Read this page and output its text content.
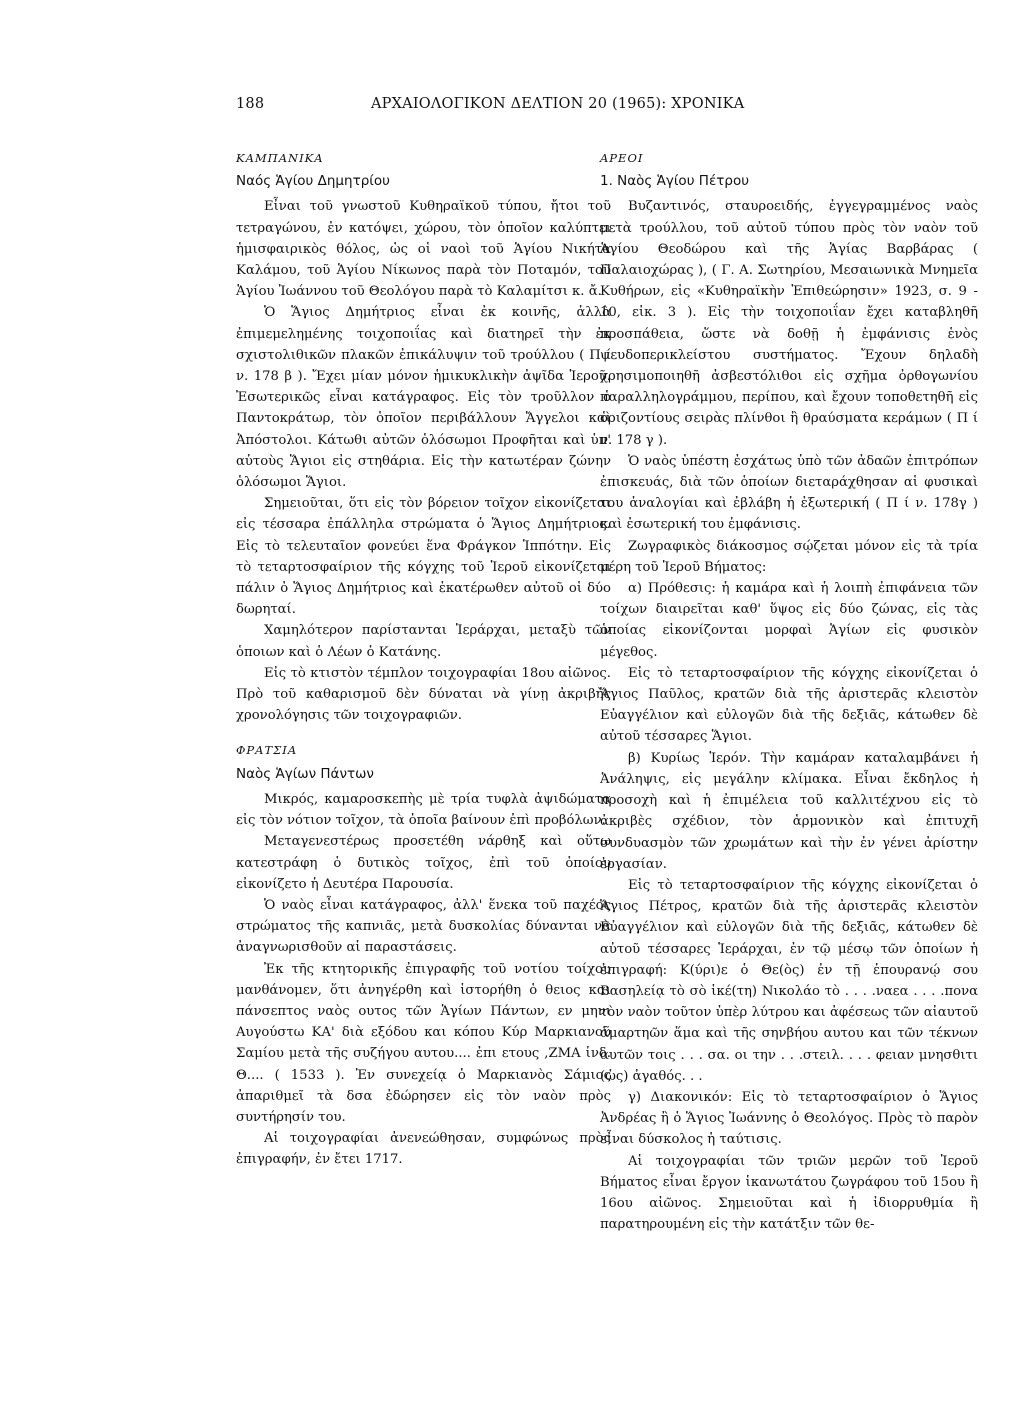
188	ΑΡΧΑΙΟΛΟΓΙΚΟΝ ΔΕΛΤΙΟΝ 20 (1965): ΧΡΟΝΙΚΑ
ΚΑΜΠΑΝΙΚΑ
Ναός Ἁγίου Δημητρίου

Εἶναι τοῦ γνωστοῦ Κυθηραϊκοῦ τύπου, ἤτοι τοῦ τετραγώνου, ἐν κατόψει, χώρου, τὸν ὁποῖον καλύπτει ἡμισφαιρικὸς θόλος, ὡς οἱ ναοὶ τοῦ Ἁγίου Νικήτα Καλάμου, τοῦ Ἁγίου Νίκωνος παρὰ τὸν Ποταμόν, τοῦ Ἁγίου Ἰωάννου τοῦ Θεολόγου παρὰ τὸ Καλαμίτσι κ. ἄ.

Ὁ Ἅγιος Δημήτριος εἶναι ἐκ κοινῆς, ἀλλὰ ἐπιμεμελημένης τοιχοποιΐας καὶ διατηρεῖ τὴν ἐκ σχιστολιθικῶν πλακῶν ἐπικάλυψιν τοῦ τρούλλου ( Π ί ν. 178 β ). Ἔχει μίαν μόνον ἡμικυκλικὴν ἀψῖδα Ἱεροῦ. Ἐσωτερικῶς εἶναι κατάγραφος. Εἰς τὸν τροῦλλον ὁ Παντοκράτωρ, τὸν ὁποῖον περιβάλλουν Ἄγγελοι καὶ Ἀπόστολοι. Κάτωθι αὐτῶν ὁλόσωμοι Προφῆται καὶ ὑπ' αὐτοὺς Ἅγιοι εἰς στηθάρια. Εἰς τὴν κατωτέραν ζώνην ὁλόσωμοι Ἅγιοι.

Σημειοῦται, ὅτι εἰς τὸν βόρειον τοῖχον εἰκονίζεται εἰς τέσσαρα ἐπάλληλα στρώματα ὁ Ἅγιος Δημήτριος. Εἰς τὸ τελευταῖον φονεύει ἕνα Φράγκον Ἱππότην. Εἰς τὸ τεταρτοσφαίριον τῆς κόγχης τοῦ Ἱεροῦ εἰκονίζεται πάλιν ὁ Ἅγιος Δημήτριος καὶ ἑκατέρωθεν αὐτοῦ οἱ δύο δωρηταί.

Χαμηλότερον παρίστανται Ἱεράρχαι, μεταξὺ τῶν ὁποιων καὶ ὁ Λέων ὁ Κατάνης.

Εἰς τὸ κτιστὸν τέμπλον τοιχογραφίαι 18ου αἰῶνος. Πρὸ τοῦ καθαρισμοῦ δὲν δύναται νὰ γίνῃ ἀκριβὴς χρονολόγησις τῶν τοιχογραφιῶν.

ΦΡΑΤΣΙΑ
Ναὸς Ἁγίων Πάντων

Μικρός, καμαροσκεπὴς μὲ τρία τυφλὰ ἀψιδώματα εἰς τὸν νότιον τοῖχον, τὰ ὁποῖα βαίνουν ἐπὶ προβόλων.

Μεταγενεστέρως προσετέθη νάρθηξ καὶ οὕτω κατεστράφη ὁ δυτικὸς τοῖχος, ἐπὶ τοῦ ὁποίου εἰκονίζετο ἡ Δευτέρα Παρουσία.

Ὁ ναὸς εἶναι κατάγραφος, ἀλλ' ἕνεκα τοῦ παχέος στρώματος τῆς καπνιᾶς, μετὰ δυσκολίας δύνανται νὰ ἀναγνωρισθοῦν αἱ παραστάσεις.

Ἐκ τῆς κτητορικῆς ἐπιγραφῆς τοῦ νοτίου τοίχου μανθάνομεν, ὅτι ἀνηγέρθη καὶ ἱστορήθη ὁ θειος και πάνσεπτος ναὸς ουτος τῶν Ἁγίων Πάντων, εν μηνι Αυγούστω ΚΑ' διὰ εξόδου και κόπου Κύρ Μαρκιανοῦ Σαμίου μετὰ τῆς συζήγου αυτου.... ἐπι ετους ,ΖΜΑ ἰνδ. Θ.... ( 1533 ). Ἐν συνεχείᾳ ὁ Μαρκιανὸς Σάμιος ἀπαριθμεῖ τὰ δσα ἐδώρησεν εἰς τὸν ναὸν πρὸς συντήρησίν του.

Αἱ τοιχογραφίαι ἀνενεώθησαν, συμφώνως πρὸς ἐπιγραφήν, ἐν ἔτει 1717.

ΑΡΕΟΙ
1. Ναὸς Ἁγίου Πέτρου

Βυζαντινός, σταυροειδής, ἐγγεγραμμένος ναὸς μετὰ τρούλλου, τοῦ αὐτοῦ τύπου πρὸς τὸν ναὸν τοῦ Ἁγίου Θεοδώρου καὶ τῆς Ἁγίας Βαρβάρας ( Παλαιοχώρας ), ( Γ. Α. Σωτηρίου, Μεσαιωνικὰ Μνημεῖα Κυθήρων, εἰς «Κυθηραϊκὴν Ἐπιθεώρησιν» 1923, σ. 9 - 10, εἰκ. 3 ). Εἰς τὴν τοιχοποιΐαν ἔχει καταβληθῆ προσπάθεια, ὥστε νὰ δοθῇ ἡ ἐμφάνισις ἑνὸς ψευδοπερικλείστου συστήματος. Ἔχουν δηλαδὴ χρησιμοποιηθῆ ἀσβεστόλιθοι εἰς σχῆμα ὀρθογωνίου παραλληλογράμμου, περίπου, καὶ ἔχουν τοποθετηθῆ εἰς ὁριζοντίους σειρὰς πλίνθοι ἢ θραύσματα κεράμων ( Π ί ν. 178 γ ).

Ὁ ναὸς ὑπέστη ἐσχάτως ὑπὸ τῶν ἀδαῶν ἐπιτρόπων ἐπισκευάς, διὰ τῶν ὁποίων διεταράχθησαν αἱ φυσικαὶ του ἀναλογίαι καὶ ἐβλάβη ἡ ἐξωτερική ( Π ί ν. 178γ ) καὶ ἐσωτερική του ἐμφάνισις.

Ζωγραφικὸς διάκοσμος σῴζεται μόνον εἰς τὰ τρία μέρη τοῦ Ἱεροῦ Βήματος:

α) Πρόθεσις: ἡ καμάρα καὶ ἡ λοιπὴ ἐπιφάνεια τῶν τοίχων διαιρεῖται καθ' ὕψος εἰς δύο ζώνας, εἰς τὰς ὁποίας εἰκονίζονται μορφαὶ Ἁγίων εἰς φυσικὸν μέγεθος.

Εἰς τὸ τεταρτοσφαίριον τῆς κόγχης εἰκονίζεται ὁ Ἅγιος Παῦλος, κρατῶν διὰ τῆς ἀριστερᾶς κλειστὸν Εὐαγγέλιον καὶ εὐλογῶν διὰ τῆς δεξιᾶς, κάτωθεν δὲ αὐτοῦ τέσσαρες Ἅγιοι.

β) Κυρίως Ἱερόν. Τὴν καμάραν καταλαμβάνει ἡ Ἀνάληψις, εἰς μεγάλην κλίμακα. Εἶναι ἔκδηλος ἡ προσοχὴ καὶ ἡ ἐπιμέλεια τοῦ καλλιτέχνου εἰς τὸ ἀκριβὲς σχέδιον, τὸν ἁρμονικὸν καὶ ἐπιτυχῆ συνδυασμὸν τῶν χρωμάτων καὶ τὴν ἐν γένει ἀρίστην ἐργασίαν.

Εἰς τὸ τεταρτοσφαίριον τῆς κόγχης εἰκονίζεται ὁ Ἅγιος Πέτρος, κρατῶν διὰ τῆς ἀριστερᾶς κλειστὸν Εὐαγγέλιον καὶ εὐλογῶν διὰ τῆς δεξιᾶς, κάτωθεν δὲ αὐτοῦ τέσσαρες Ἱεράρχαι, ἐν τῷ μέσῳ τῶν ὁποίων ἡ ἐπιγραφή: Κ(ύρι)ε ὁ Θε(ὸς) ἐν τῇ ἐπουρανῴ σου Βασηλείᾳ τὸ σὸ ἱκέ(τη) Νικολάο τὸ . . . .ναεα . . . .πονα τὸν ναὸν τοῦτον ὑπὲρ λύτρου και ἀφέσεως τῶν αἰαυτοῦ ἁμαρτηῶν ἅμα καὶ τῆς σηνβήου αυτου και τῶν τέκνων αυτῶν τοις . . . σα. οι την . . .στειλ. . . . φειαν μνησθιτι (ὡς) ἀγαθός. . .

γ) Διακονικόν: Εἰς τὸ τεταρτοσφαίριον ὁ Ἅγιος Ἀνδρέας ἢ ὁ Ἅγιος Ἰωάννης ὁ Θεολόγος. Πρὸς τὸ παρὸν εἶναι δύσκολος ἡ ταύτισις.

Αἱ τοιχογραφίαι τῶν τριῶν μερῶν τοῦ Ἱεροῦ Βήματος εἶναι ἔργον ἱκανωτάτου ζωγράφου τοῦ 15ου ἢ 16ου αἰῶνος. Σημειοῦται καὶ ἡ ἰδιορρυθμία ἢ παρατηρουμένη εἰς τὴν κατάτξιν τῶν θε-
